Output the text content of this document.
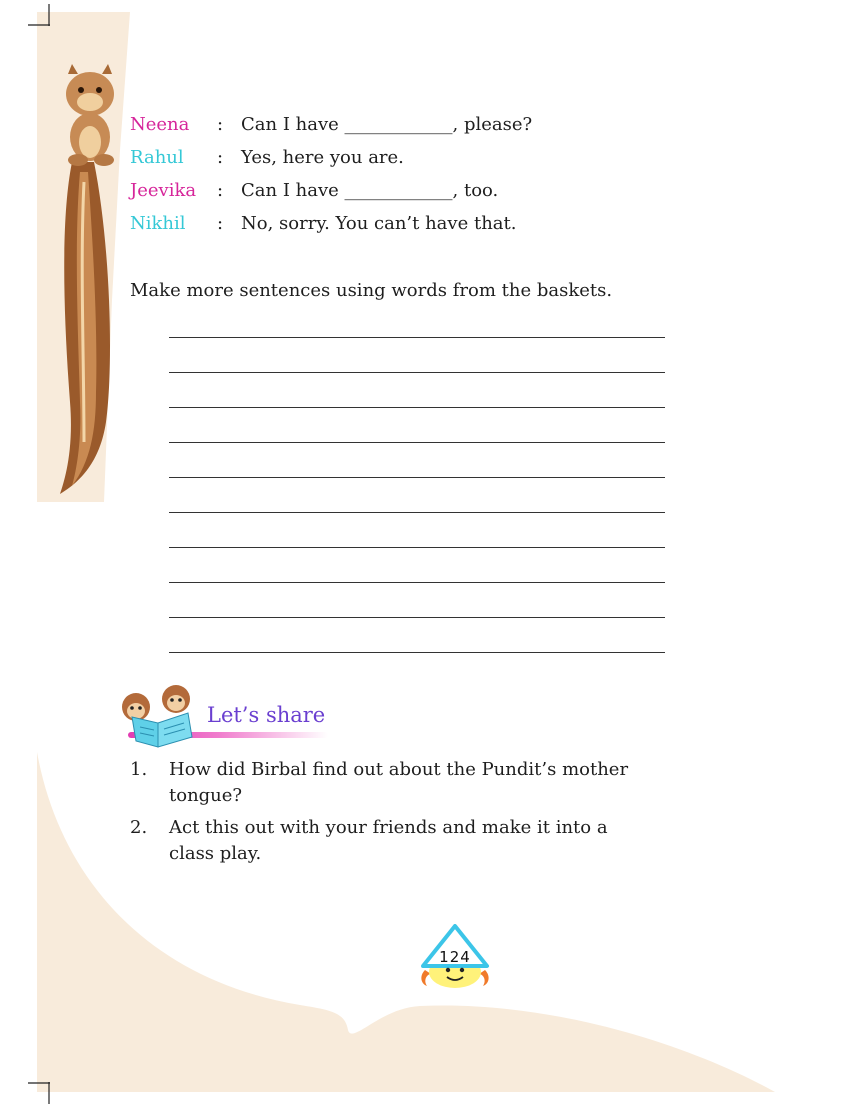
Neena	: Can I have ____________, please?
Rahul	: Yes, here you are.
Jeevika	: Can I have ____________, too.
Nikhil	: No, sorry. You can’t have that.
Make more sentences using words from the baskets.
Let’s share
1.	How did Birbal find out about the Pundit’s mother tongue?
2.	Act this out with your friends and make it into a class play.
124
